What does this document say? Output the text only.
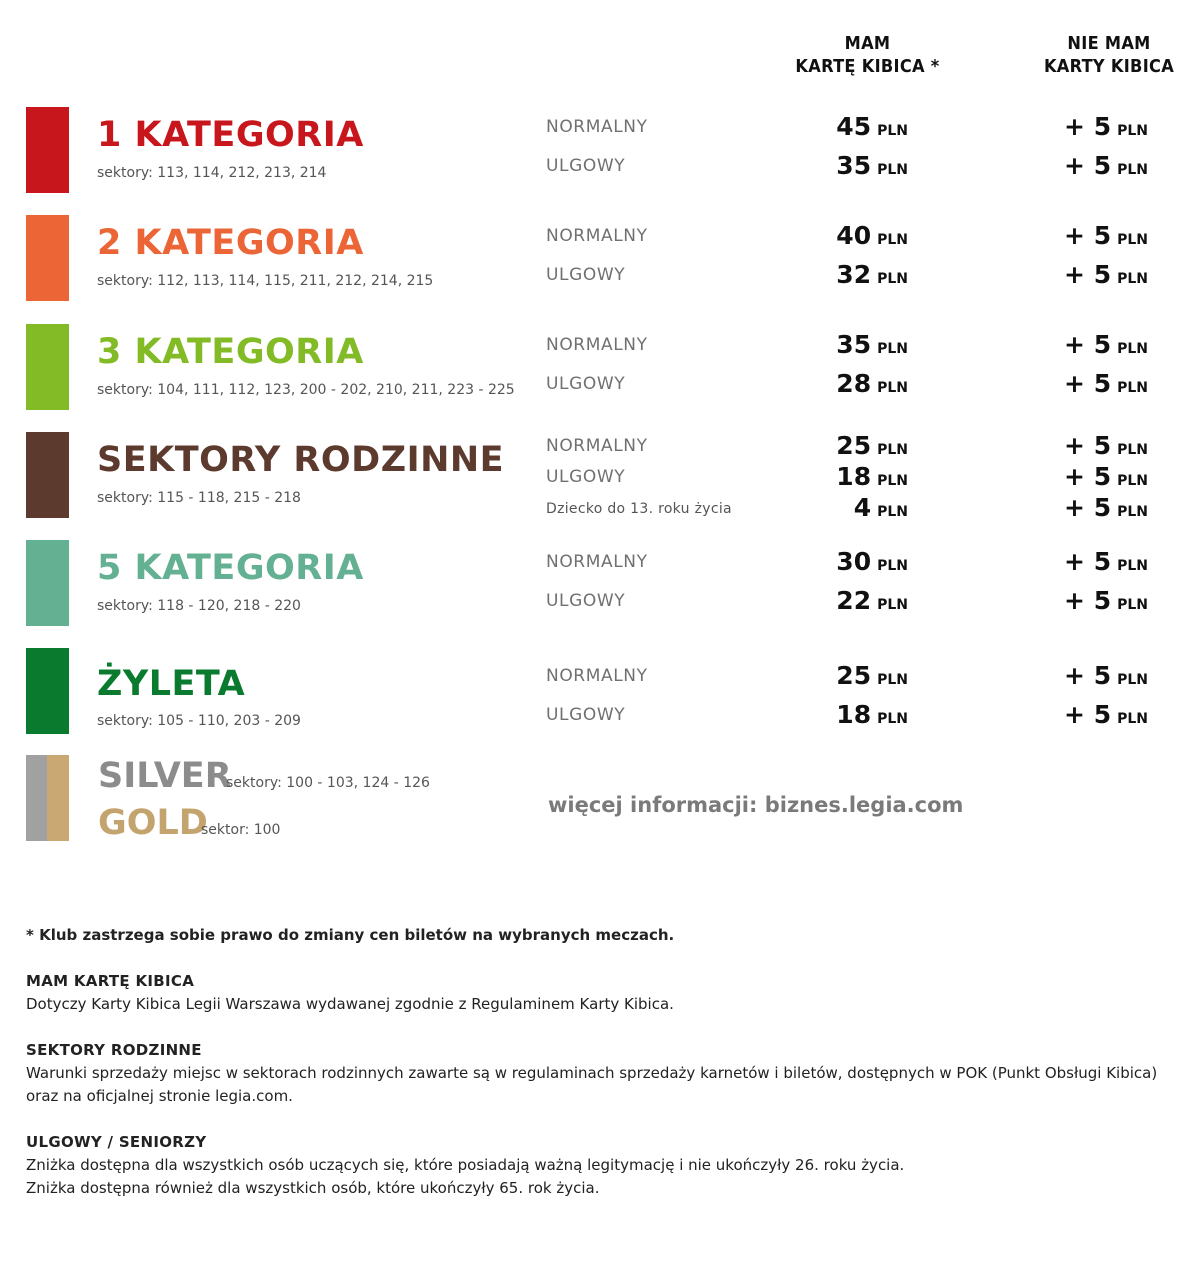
MAM
KARTĘ KIBICA *
NIE MAM
KARTY KIBICA
1 KATEGORIA
sektory: 113, 114, 212, 213, 214
NORMALNY	45 PLN	+ 5 PLN
ULGOWY	35 PLN	+ 5 PLN
2 KATEGORIA
sektory: 112, 113, 114, 115, 211, 212, 214, 215
NORMALNY	40 PLN	+ 5 PLN
ULGOWY	32 PLN	+ 5 PLN
3 KATEGORIA
sektory: 104, 111, 112, 123, 200 - 202, 210, 211, 223 - 225
NORMALNY	35 PLN	+ 5 PLN
ULGOWY	28 PLN	+ 5 PLN
SEKTORY RODZINNE
sektory: 115 - 118, 215 - 218
NORMALNY	25 PLN	+ 5 PLN
ULGOWY	18 PLN	+ 5 PLN
Dziecko do 13. roku życia	4 PLN	+ 5 PLN
5 KATEGORIA
sektory: 118 - 120, 218 - 220
NORMALNY	30 PLN	+ 5 PLN
ULGOWY	22 PLN	+ 5 PLN
ŻYLETA
sektory: 105 - 110, 203 - 209
NORMALNY	25 PLN	+ 5 PLN
ULGOWY	18 PLN	+ 5 PLN
SILVER
sektory: 100 - 103, 124 - 126
GOLD
sektor: 100
więcej informacji: biznes.legia.com
* Klub zastrzega sobie prawo do zmiany cen biletów na wybranych meczach.
MAM KARTĘ KIBICA
Dotyczy Karty Kibica Legii Warszawa wydawanej zgodnie z Regulaminem Karty Kibica.
SEKTORY RODZINNE
Warunki sprzedaży miejsc w sektorach rodzinnych zawarte są w regulaminach sprzedaży karnetów i biletów, dostępnych w POK (Punkt Obsługi Kibica)
oraz na oficjalnej stronie legia.com.
ULGOWY / SENIORZY
Zniżka dostępna dla wszystkich osób uczących się, które posiadają ważną legitymację i nie ukończyły 26. roku życia.
Zniżka dostępna również dla wszystkich osób, które ukończyły 65. rok życia.
